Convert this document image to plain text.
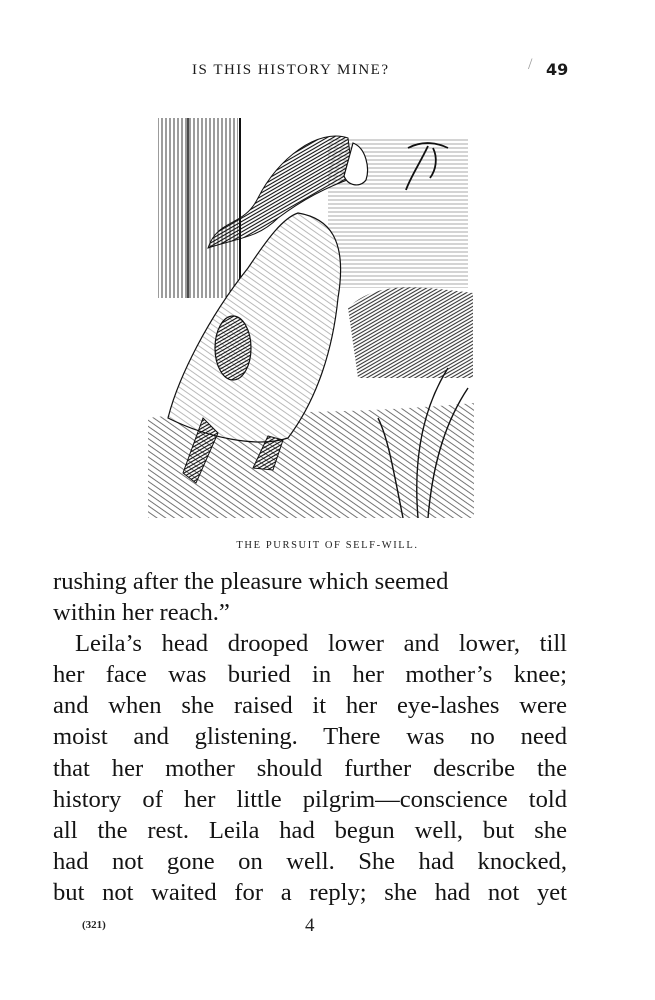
IS THIS HISTORY MINE?	/ 49
THE PURSUIT OF SELF-WILL.
rushing after the pleasure which seemed
within her reach.”
Leila’s head drooped lower and lower, till
her face was buried in her mother’s knee;
and when she raised it her eye-lashes were
moist and glistening. There was no need
that her mother should further describe the
history of her little pilgrim—conscience told
all the rest. Leila had begun well, but she
had not gone on well. She had knocked,
but not waited for a reply; she had not yet
(321)	4
